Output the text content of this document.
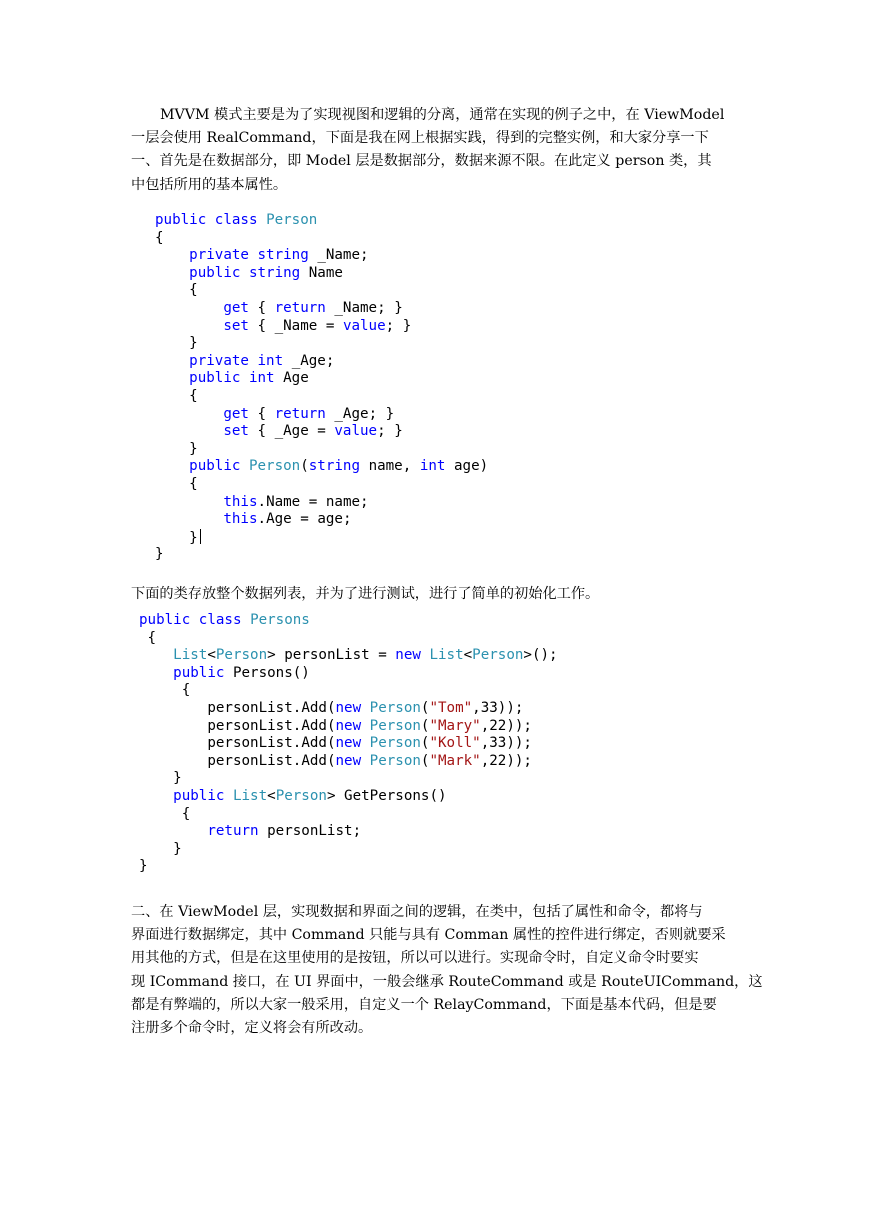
MVVM 模式主要是为了实现视图和逻辑的分离，通常在实现的例子之中，在 ViewModel
一层会使用 RealCommand，下面是我在网上根据实践，得到的完整实例，和大家分享一下
一、首先是在数据部分，即 Model 层是数据部分，数据来源不限。在此定义 person 类，其
中包括所用的基本属性。
public class Person
{
private string _Name;
public string Name
{
get { return _Name; }
set { _Name = value; }
}
private int _Age;
public int Age
{
get { return _Age; }
set { _Age = value; }
}
public Person(string name, int age)
{
this.Name = name;
this.Age = age;
}
}
下面的类存放整个数据列表，并为了进行测试，进行了简单的初始化工作。
public class Persons
{
List<Person> personList = new List<Person>();
public Persons()
{
personList.Add(new Person("Tom",33));
personList.Add(new Person("Mary",22));
personList.Add(new Person("Koll",33));
personList.Add(new Person("Mark",22));
}
public List<Person> GetPersons()
{
return personList;
}
}
二、在 ViewModel 层，实现数据和界面之间的逻辑，在类中，包括了属性和命令，都将与
界面进行数据绑定，其中 Command 只能与具有 Comman 属性的控件进行绑定，否则就要采
用其他的方式，但是在这里使用的是按钮，所以可以进行。实现命令时，自定义命令时要实
现 ICommand 接口，在 UI 界面中，一般会继承 RouteCommand 或是 RouteUICommand，这
都是有弊端的，所以大家一般采用，自定义一个 RelayCommand，下面是基本代码，但是要
注册多个命令时，定义将会有所改动。
